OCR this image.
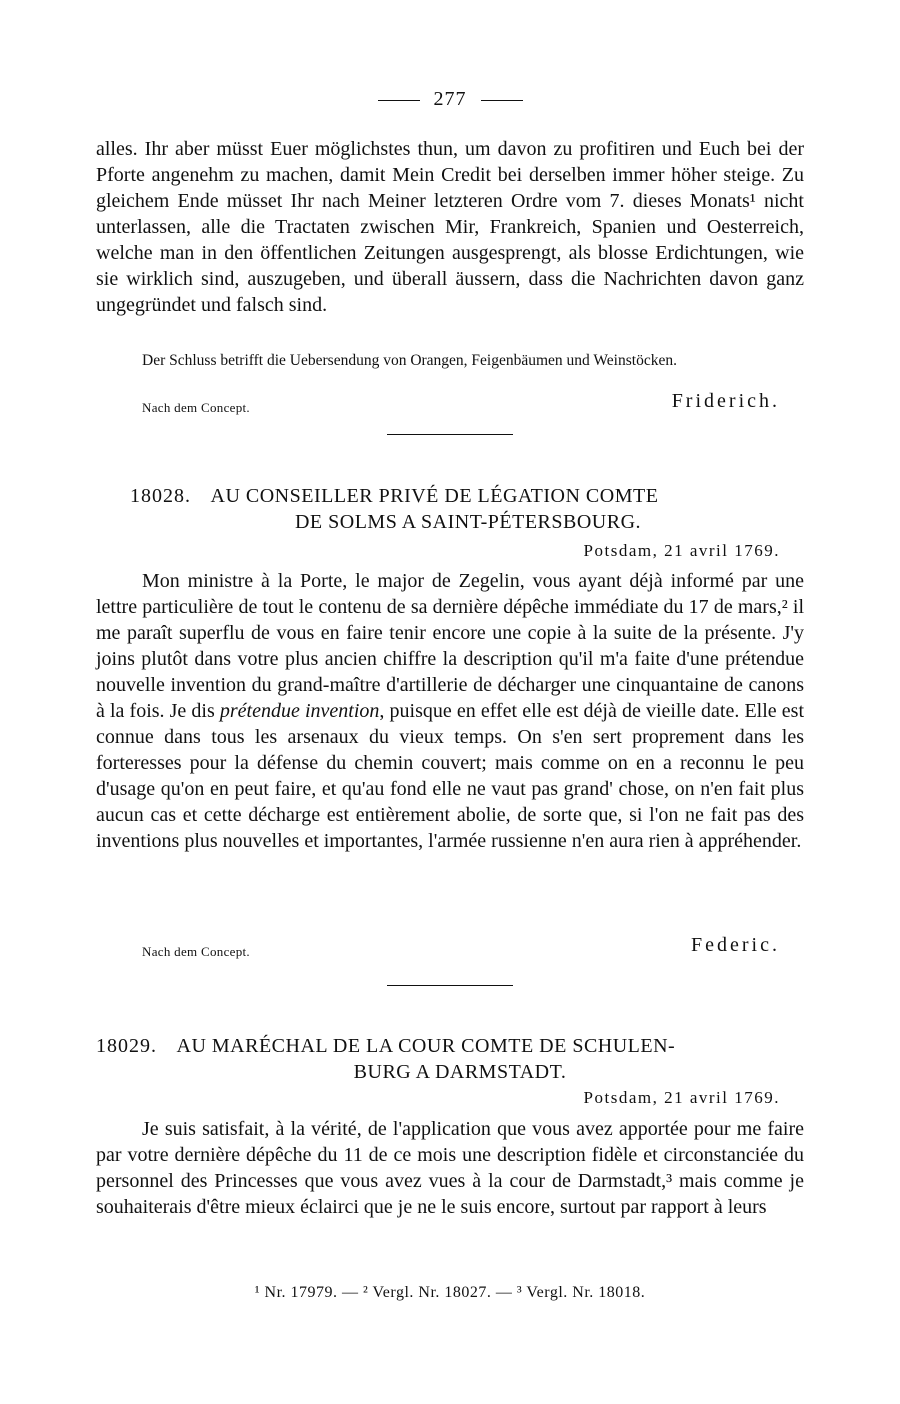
277

alles. Ihr aber müsst Euer möglichstes thun, um davon zu profitiren und Euch bei der Pforte angenehm zu machen, damit Mein Credit bei derselben immer höher steige. Zu gleichem Ende müsset Ihr nach Meiner letzteren Ordre vom 7. dieses Monats¹ nicht unterlassen, alle die Tractaten zwischen Mir, Frankreich, Spanien und Oesterreich, welche man in den öffentlichen Zeitungen ausgesprengt, als blosse Erdichtungen, wie sie wirklich sind, auszugeben, und überall äussern, dass die Nachrichten davon ganz ungegründet und falsch sind.

Der Schluss betrifft die Uebersendung von Orangen, Feigenbäumen und Weinstöcken.
Nach dem Concept.	Friderich.
18028. AU CONSEILLER PRIVÉ DE LÉGATION COMTE
DE SOLMS A SAINT-PÉTERSBOURG.
Potsdam, 21 avril 1769.

Mon ministre à la Porte, le major de Zegelin, vous ayant déjà informé par une lettre particulière de tout le contenu de sa dernière dépêche immédiate du 17 de mars,² il me paraît superflu de vous en faire tenir encore une copie à la suite de la présente. J'y joins plutôt dans votre plus ancien chiffre la description qu'il m'a faite d'une prétendue nouvelle invention du grand-maître d'artillerie de décharger une cinquantaine de canons à la fois. Je dis prétendue invention, puisque en effet elle est déjà de vieille date. Elle est connue dans tous les arsenaux du vieux temps. On s'en sert proprement dans les forteresses pour la défense du chemin couvert; mais comme on en a reconnu le peu d'usage qu'on en peut faire, et qu'au fond elle ne vaut pas grand' chose, on n'en fait plus aucun cas et cette décharge est entièrement abolie, de sorte que, si l'on ne fait pas des inventions plus nouvelles et importantes, l'armée russienne n'en aura rien à appréhender.

Nach dem Concept.	Federic.
18029. AU MARÉCHAL DE LA COUR COMTE DE SCHULEN-
BURG A DARMSTADT.
Potsdam, 21 avril 1769.

Je suis satisfait, à la vérité, de l'application que vous avez apportée pour me faire par votre dernière dépêche du 11 de ce mois une description fidèle et circonstanciée du personnel des Princesses que vous avez vues à la cour de Darmstadt,³ mais comme je souhaiterais d'être mieux éclairci que je ne le suis encore, surtout par rapport à leurs

¹ Nr. 17979. — ² Vergl. Nr. 18027. — ³ Vergl. Nr. 18018.
